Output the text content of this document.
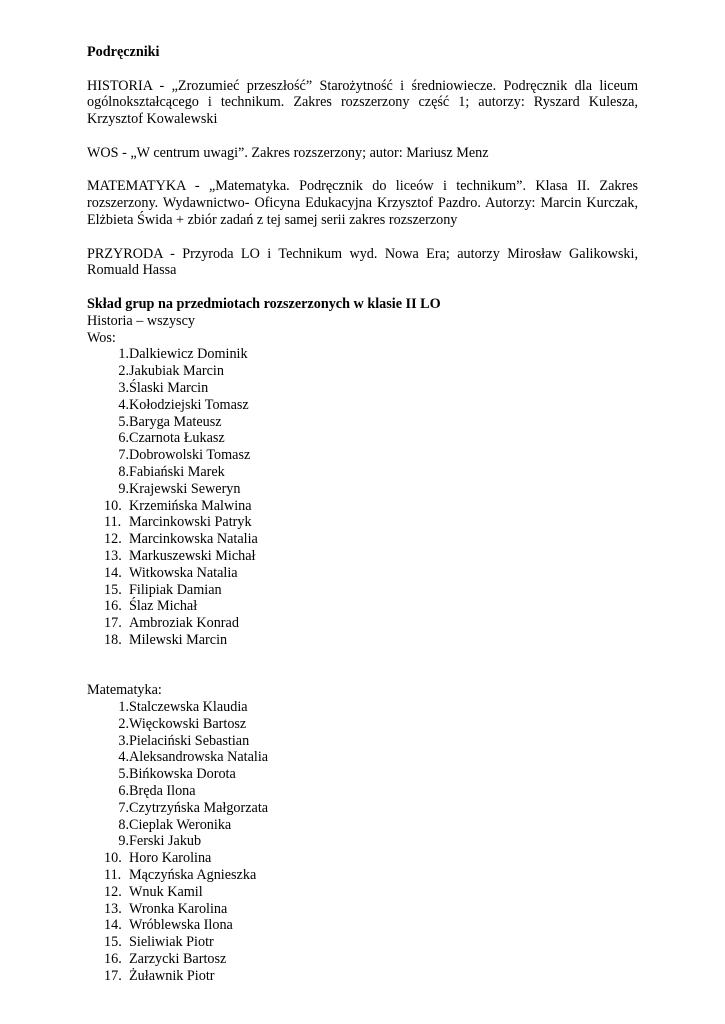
Podręczniki

HISTORIA - „Zrozumieć przeszłość” Starożytność i średniowiecze. Podręcznik dla liceum ogólnokształcącego i technikum. Zakres rozszerzony część 1; autorzy: Ryszard Kulesza, Krzysztof Kowalewski

WOS - „W centrum uwagi”. Zakres rozszerzony; autor: Mariusz Menz

MATEMATYKA - „Matematyka. Podręcznik do liceów i technikum”. Klasa II. Zakres rozszerzony. Wydawnictwo- Oficyna Edukacyjna Krzysztof Pazdro. Autorzy: Marcin Kurczak, Elżbieta Świda + zbiór zadań z tej samej serii zakres rozszerzony

PRZYRODA - Przyroda LO i Technikum wyd. Nowa Era; autorzy Mirosław Galikowski, Romuald Hassa

Skład grup na przedmiotach rozszerzonych w klasie II LO

Historia – wszyscy

Wos:

1. Dalkiewicz Dominik
2. Jakubiak Marcin
3. Ślaski Marcin
4. Kołodziejski Tomasz
5. Baryga Mateusz
6. Czarnota Łukasz
7. Dobrowolski Tomasz
8. Fabiański Marek
9. Krajewski Seweryn
10. Krzemińska Malwina
11. Marcinkowski Patryk
12. Marcinkowska Natalia
13. Markuszewski Michał
14. Witkowska Natalia
15. Filipiak Damian
16. Ślaz Michał
17. Ambroziak Konrad
18. Milewski Marcin

Matematyka:

1. Stalczewska Klaudia
2. Więckowski Bartosz
3. Pielaciński Sebastian
4. Aleksandrowska Natalia
5. Bińkowska Dorota
6. Bręda Ilona
7. Czytrzyńska Małgorzata
8. Cieplak Weronika
9. Ferski Jakub
10. Horo Karolina
11. Mączyńska Agnieszka
12. Wnuk Kamil
13. Wronka Karolina
14. Wróblewska Ilona
15. Sieliwiak Piotr
16. Zarzycki Bartosz
17. Żuławnik Piotr
